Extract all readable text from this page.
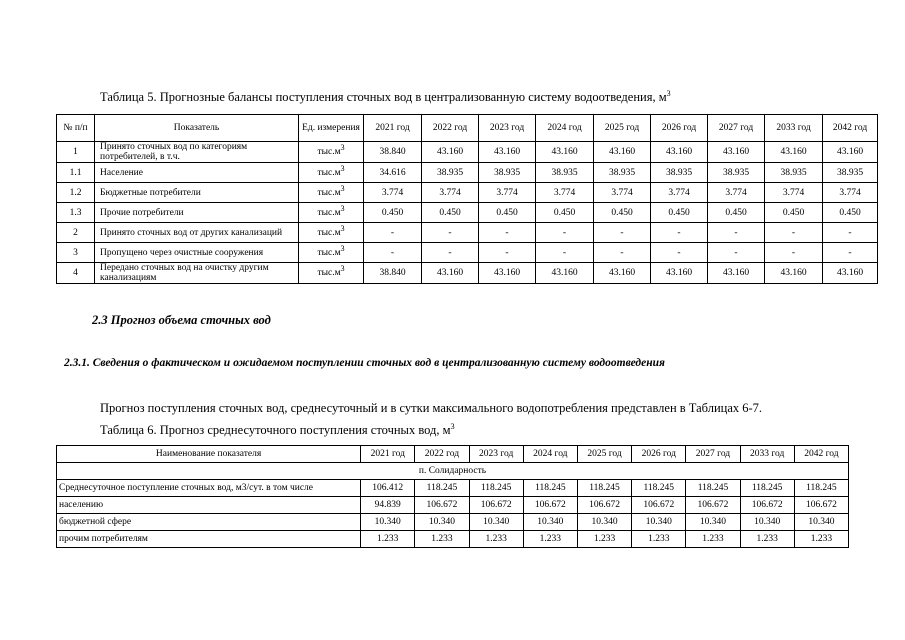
Таблица 5. Прогнозные балансы поступления сточных вод в централизованную систему водоотведения, $м^3$
№ п/п	Показатель	Ед. измерения	2021 год	2022 год	2023 год	2024 год	2025 год	2026 год	2027 год	2033 год	2042 год
1	Принято сточных вод по категориям потребителей, в т.ч.	$тыс.м^3$	38.840	43.160	43.160	43.160	43.160	43.160	43.160	43.160	43.160
1.1	Население	$тыс.м^3$	34.616	38.935	38.935	38.935	38.935	38.935	38.935	38.935	38.935
1.2	Бюджетные потребители	$тыс.м^3$	3.774	3.774	3.774	3.774	3.774	3.774	3.774	3.774	3.774
1.3	Прочие потребители	$тыс.м^3$	0.450	0.450	0.450	0.450	0.450	0.450	0.450	0.450	0.450
2	Принято сточных вод от других канализаций	$тыс.м^3$	-	-	-	-	-	-	-	-	-
3	Пропущено через очистные сооружения	$тыс.м^3$	-	-	-	-	-	-	-	-	-
4	Передано сточных вод на очистку другим канализациям	$тыс.м^3$	38.840	43.160	43.160	43.160	43.160	43.160	43.160	43.160	43.160
2.3 Прогноз объема сточных вод
2.3.1. Сведения о фактическом и ожидаемом поступлении сточных вод в централизованную систему водоотведения
Прогноз поступления сточных вод, среднесуточный и в сутки максимального водопотребления представлен в Таблицах 6-7.
Таблица 6. Прогноз среднесуточного поступления сточных вод, $м^3$
Наименование показателя	2021 год	2022 год	2023 год	2024 год	2025 год	2026 год	2027 год	2033 год	2042 год
п. Солидарность									
Среднесуточное поступление сточных вод, м3/сут. в том числе	106.412	118.245	118.245	118.245	118.245	118.245	118.245	118.245	118.245
населению	94.839	106.672	106.672	106.672	106.672	106.672	106.672	106.672	106.672
бюджетной сфере	10.340	10.340	10.340	10.340	10.340	10.340	10.340	10.340	10.340
прочим потребителям	1.233	1.233	1.233	1.233	1.233	1.233	1.233	1.233	1.233
